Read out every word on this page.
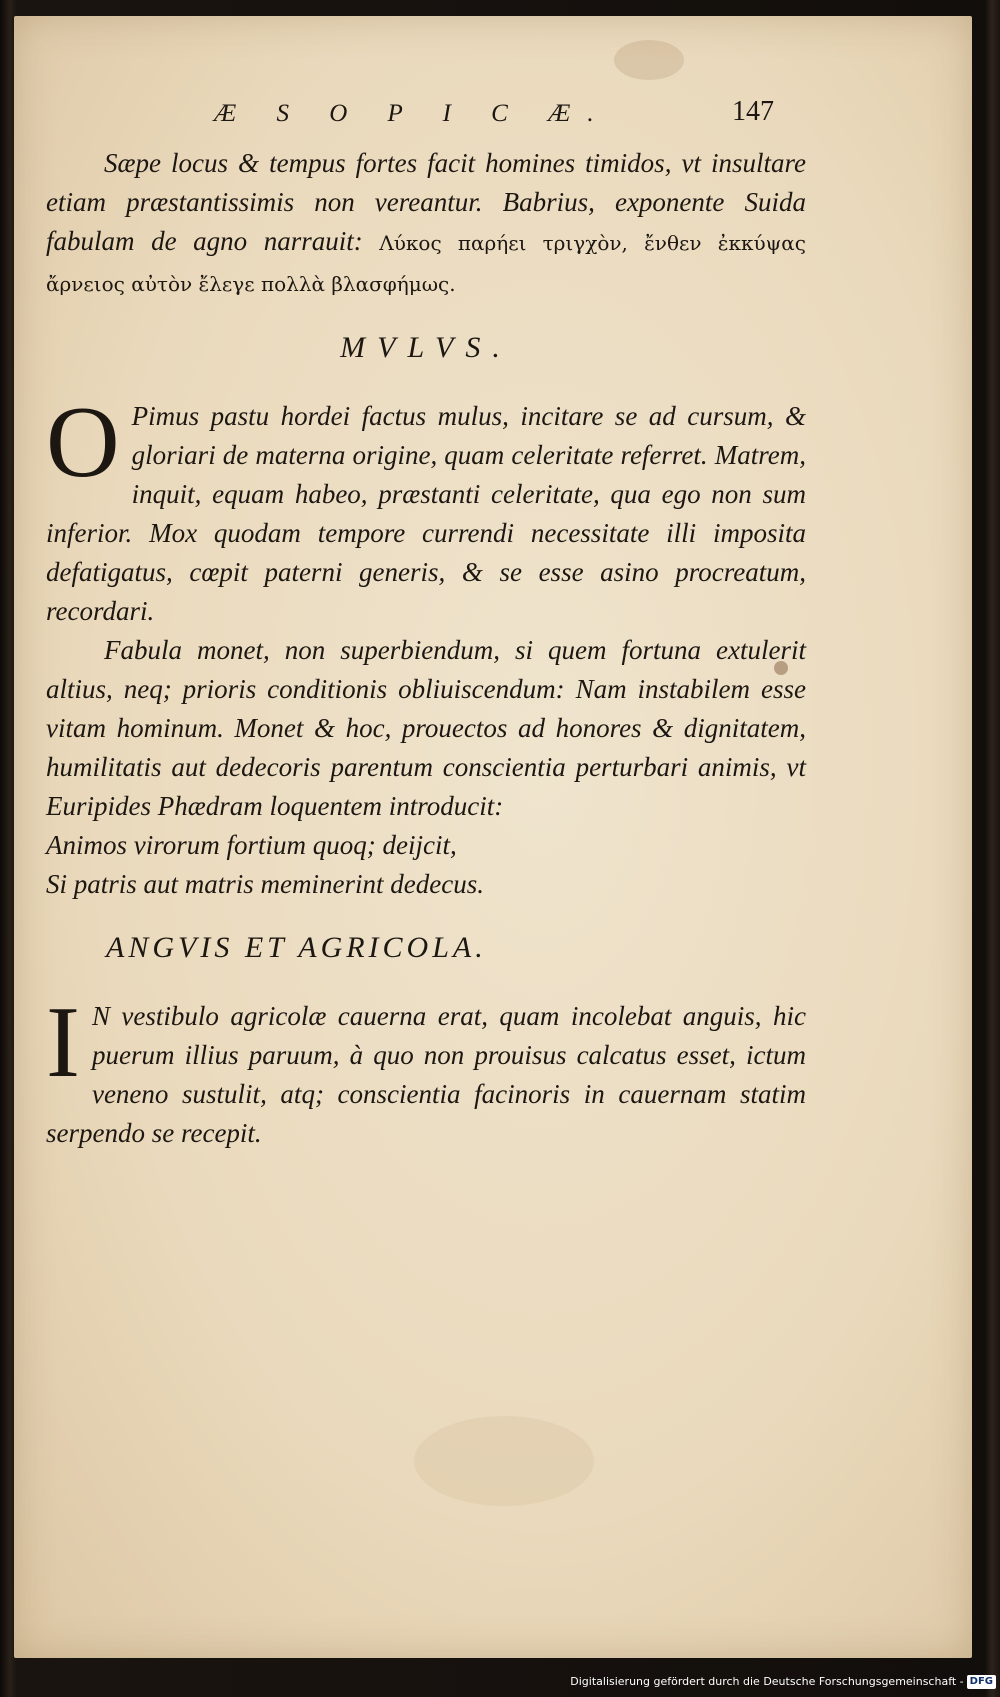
Æ S O P I C Æ.	147

Sæpe locus & tempus fortes facit homines timidos, vt insultare etiam præstantissimis non vereantur. Babrius, exponente Suida fabulam de agno narrauit: Λύκος παρήει τριγχὸν, ἔνθεν ἐκκύψας ἄρνειος αὐτὸν ἔλεγε πολλὰ βλασφήμως.

MVLVS.

O Pimus pastu hordei factus mulus, incitare se ad cursum, & gloriari de materna origine, quam celeritate referret. Matrem, inquit, equam habeo, præstanti celeritate, qua ego non sum inferior. Mox quodam tempore currendi necessitate illi imposita defatigatus, cœpit paterni generis, & se esse asino procreatum, recordari.

Fabula monet, non superbiendum, si quem fortuna extulerit altius, neq; prioris conditionis obliuiscendum: Nam instabilem esse vitam hominum. Monet & hoc, prouectos ad honores & dignitatem, humilitatis aut dedecoris parentum conscientia perturbari animis, vt Euripides Phædram loquentem introducit:

Animos virorum fortium quoq; deijcit,
Si patris aut matris meminerint dedecus.

ANGVIS ET AGRICOLA.

I N vestibulo agricolæ cauerna erat, quam incolebat anguis, hic puerum illius paruum, à quo non prouisus calcatus esset, ictum veneno sustulit, atq; conscientia facinoris in cauernam statim serpendo se recepit.

Digitalisierung gefördert durch die Deutsche Forschungsgemeinschaft - DFG
